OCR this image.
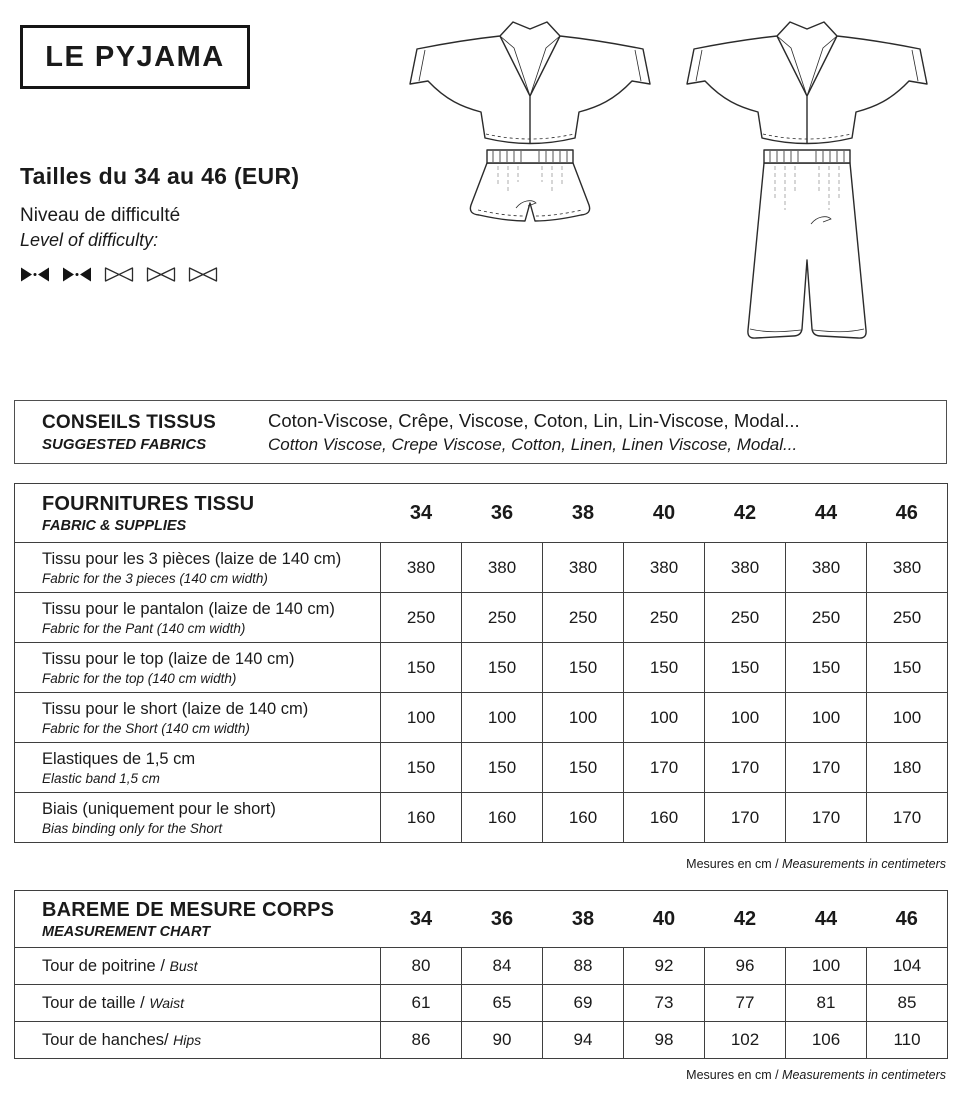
LE PYJAMA
Tailles du 34 au 46 (EUR)
Niveau de difficulté
Level of difficulty:
CONSEILS TISSUS
SUGGESTED FABRICS
Coton-Viscose, Crêpe, Viscose, Coton, Lin, Lin-Viscose, Modal...
Cotton Viscose, Crepe Viscose, Cotton, Linen, Linen Viscose, Modal...
FOURNITURES TISSU
FABRIC & SUPPLIES	34	36	38	40	42	44	46

Tissu pour les 3 pièces (laize de 140 cm)
Fabric for the 3 pieces (140 cm width)	380	380	380	380	380	380	380

Tissu pour le pantalon (laize de 140 cm)
Fabric for the Pant (140 cm width)	250	250	250	250	250	250	250

Tissu pour le top (laize de 140 cm)
Fabric for the top (140 cm width)	150	150	150	150	150	150	150

Tissu pour le short (laize de 140 cm)
Fabric for the Short (140 cm width)	100	100	100	100	100	100	100

Elastiques de 1,5 cm
Elastic band 1,5 cm	150	150	150	170	170	170	180

Biais (uniquement pour le short)
Bias binding only for the Short	160	160	160	160	170	170	170
Mesures en cm / Measurements in centimeters
BAREME DE MESURE CORPS
MEASUREMENT CHART	34	36	38	40	42	44	46
Tour de poitrine / Bust	80	84	88	92	96	100	104
Tour de taille / Waist	61	65	69	73	77	81	85
Tour de hanches/ Hips	86	90	94	98	102	106	110
Mesures en cm / Measurements in centimeters
